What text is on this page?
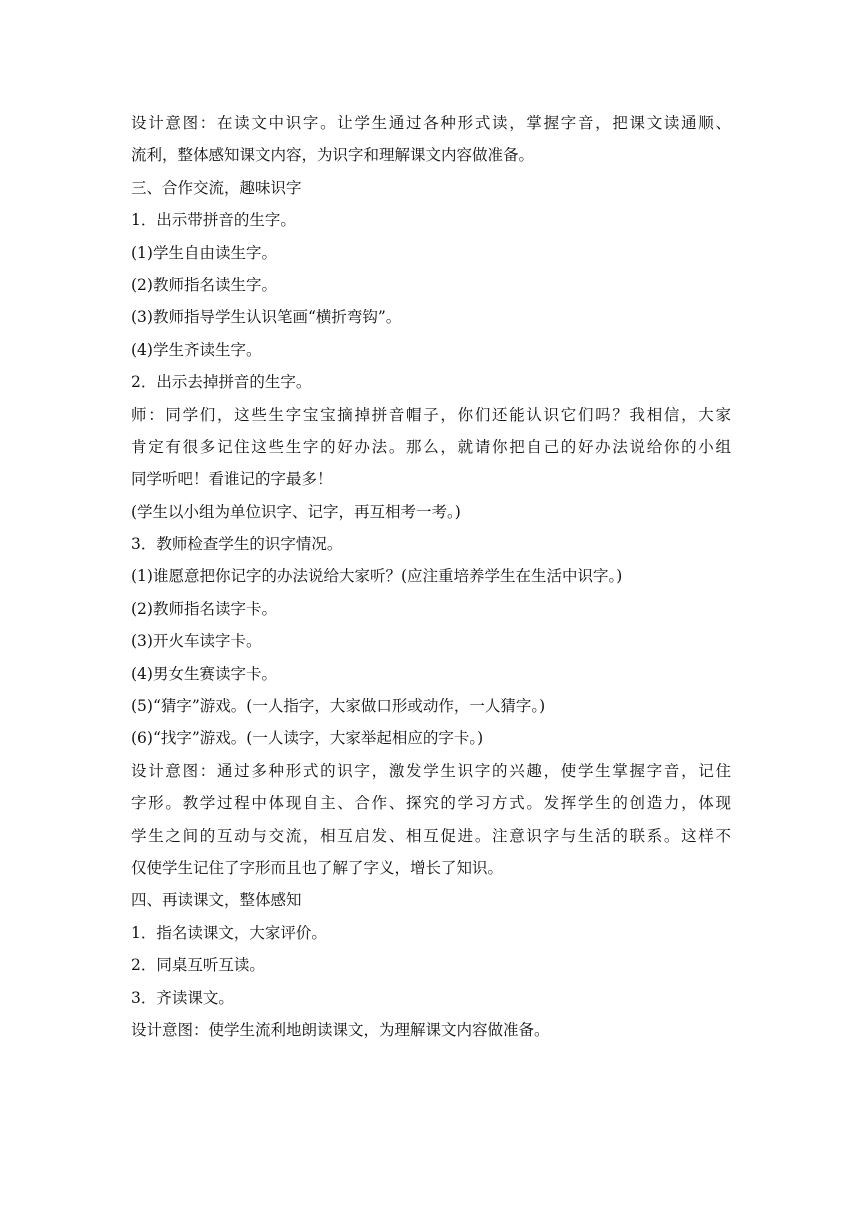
设计意图：在读文中识字。让学生通过各种形式读，掌握字音，把课文读通顺、

流利，整体感知课文内容，为识字和理解课文内容做准备。

三、合作交流，趣味识字

1．出示带拼音的生字。

(1)学生自由读生字。

(2)教师指名读生字。

(3)教师指导学生认识笔画“横折弯钩”。

(4)学生齐读生字。

2．出示去掉拼音的生字。

师：同学们，这些生字宝宝摘掉拼音帽子，你们还能认识它们吗？我相信，大家

肯定有很多记住这些生字的好办法。那么，就请你把自己的好办法说给你的小组

同学听吧！看谁记的字最多！

(学生以小组为单位识字、记字，再互相考一考。)

3．教师检查学生的识字情况。

(1)谁愿意把你记字的办法说给大家听？(应注重培养学生在生活中识字。)

(2)教师指名读字卡。

(3)开火车读字卡。

(4)男女生赛读字卡。

(5)“猜字”游戏。(一人指字，大家做口形或动作，一人猜字。)

(6)“找字”游戏。(一人读字，大家举起相应的字卡。)

设计意图：通过多种形式的识字，激发学生识字的兴趣，使学生掌握字音，记住

字形。教学过程中体现自主、合作、探究的学习方式。发挥学生的创造力，体现

学生之间的互动与交流，相互启发、相互促进。注意识字与生活的联系。这样不

仅使学生记住了字形而且也了解了字义，增长了知识。

四、再读课文，整体感知

1．指名读课文，大家评价。

2．同桌互听互读。

3．齐读课文。

设计意图：使学生流利地朗读课文，为理解课文内容做准备。
